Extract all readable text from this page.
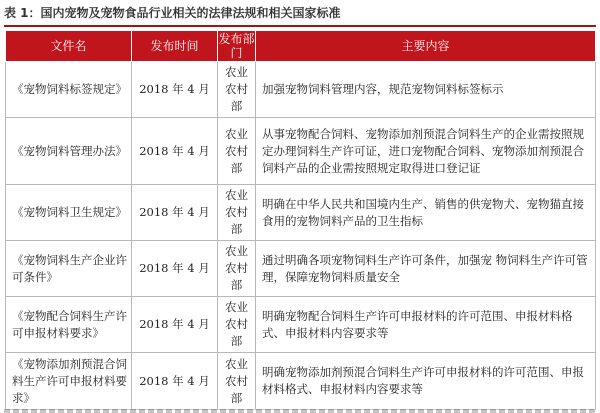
表 1：国内宠物及宠物食品行业相关的法律法规和相关国家标准
文件名	发布时间	发布部门	主要内容
《宠物饲料标签规定》	2018 年 4 月	农业农村部	加强宠物饲料管理内容，规范宠物饲料标签标示
《宠物饲料管理办法》	2018 年 4 月	农业农村部	从事宠物配合饲料、宠物添加剂预混合饲料生产的企业需按照规定办理饲料生产许可证，进口宠物配合饲料、宠物添加剂预混合饲料产品的企业需按照规定取得进口登记证
《宠物饲料卫生规定》	2018 年 4 月	农业农村部	明确在中华人民共和国境内生产、销售的供宠物犬、宠物猫直接食用的宠物饲料产品的卫生指标
《宠物饲料生产企业许可条件》	2018 年 4 月	农业农村部	通过明确各项宠物饲料生产许可条件，加强宠 物饲料生产许可管理，保障宠物饲料质量安全
《宠物配合饲料生产许可申报材料要求》	2018 年 4 月	农业农村部	明确宠物配合饲料生产许可申报材料的许可范围、申报材料格式、申报材料内容要求等
《宠物添加剂预混合饲料生产许可申报材料要求》	2018 年 4 月	农业农村部	明确宠物添加剂预混合饲料生产许可申报材料的许可范围、申报材料格式、申报材料内容要求等
